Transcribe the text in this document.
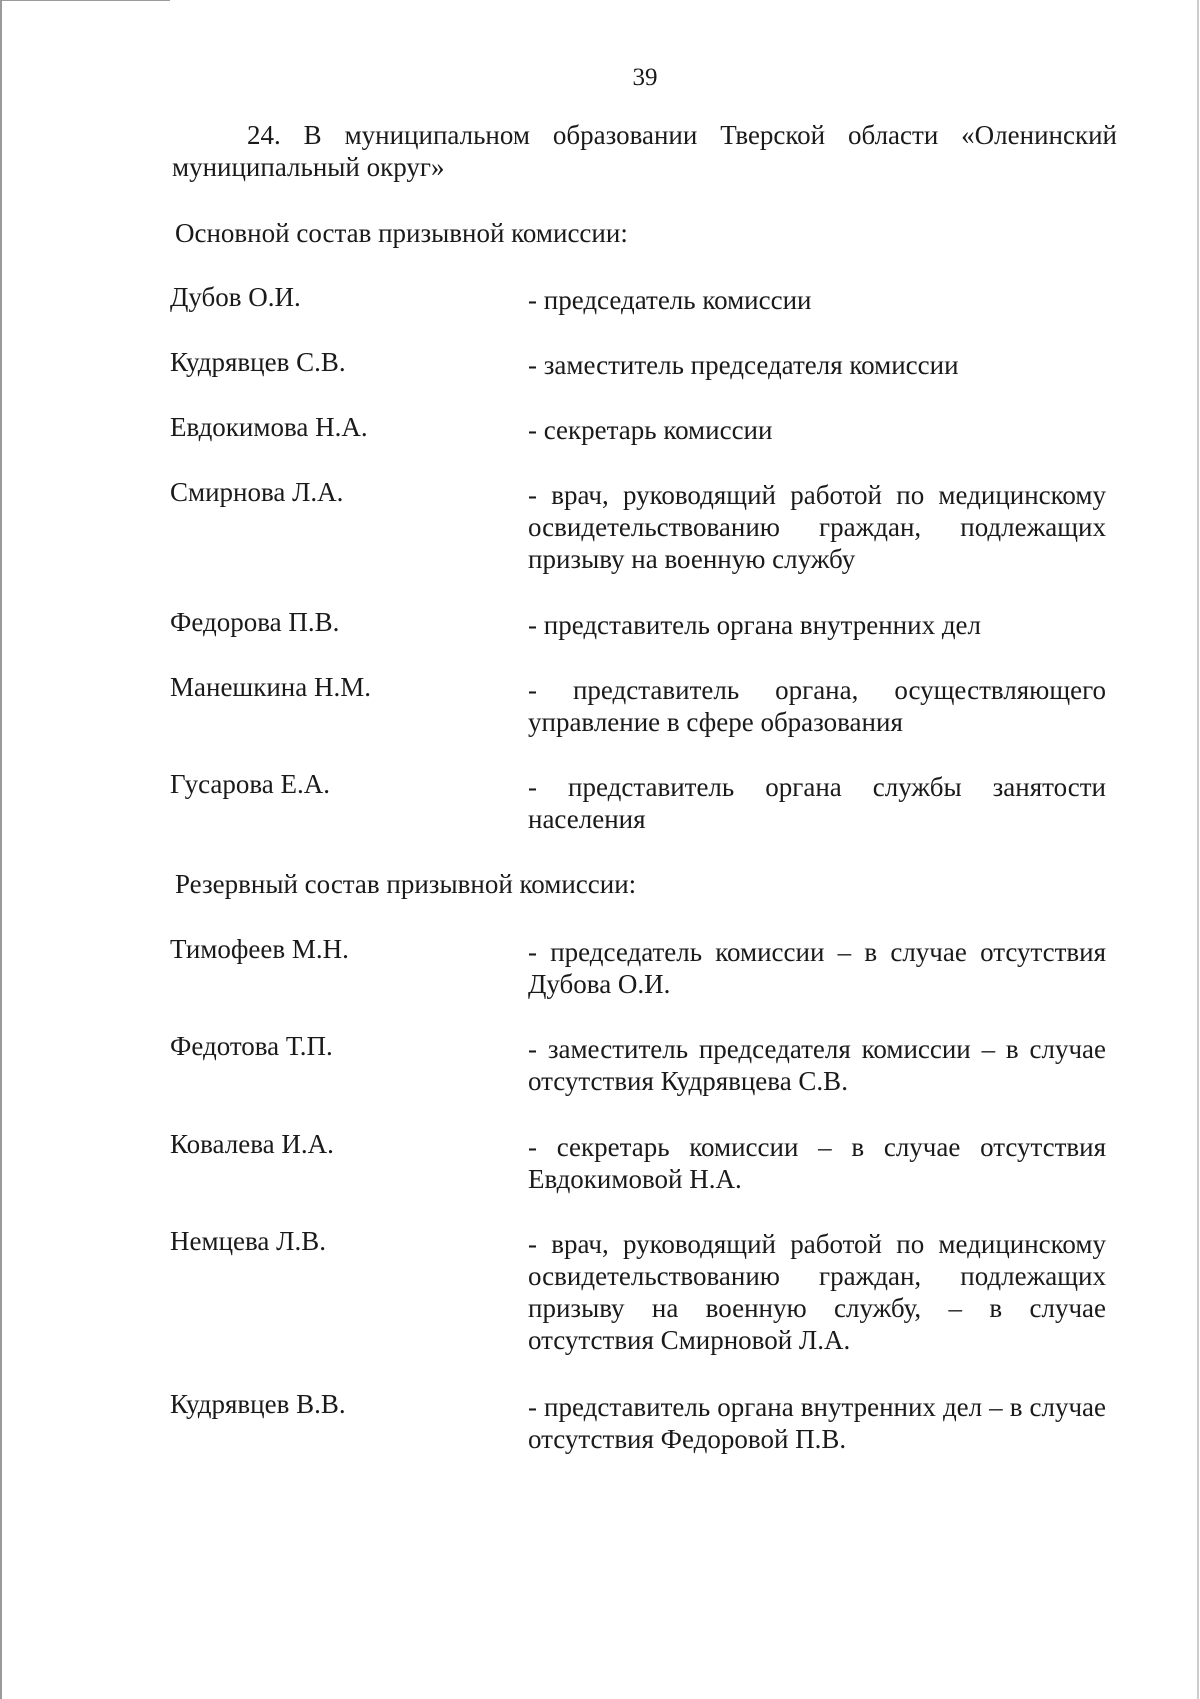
39
24. В муниципальном образовании Тверской области «Оленинский муниципальный округ»
Основной состав призывной комиссии:
Дубов О.И.	- председатель комиссии
Кудрявцев С.В.	- заместитель председателя комиссии
Евдокимова Н.А.	- секретарь комиссии
Смирнова Л.А.	- врач, руководящий работой по медицинскому освидетельствованию граждан, подлежащих призыву на военную службу
Федорова П.В.	- представитель органа внутренних дел
Манешкина Н.М.	- представитель органа, осуществляющего управление в сфере образования
Гусарова Е.А.	- представитель органа службы занятости населения
Резервный состав призывной комиссии:
Тимофеев М.Н.	- председатель комиссии – в случае отсутствия Дубова О.И.
Федотова Т.П.	- заместитель председателя комиссии – в случае отсутствия Кудрявцева С.В.
Ковалева И.А.	- секретарь комиссии – в случае отсутствия Евдокимовой Н.А.
Немцева Л.В.	- врач, руководящий работой по медицинскому освидетельствованию граждан, подлежащих призыву на военную службу, – в случае отсутствия Смирновой Л.А.
Кудрявцев В.В.	- представитель органа внутренних дел – в случае отсутствия Федоровой П.В.
